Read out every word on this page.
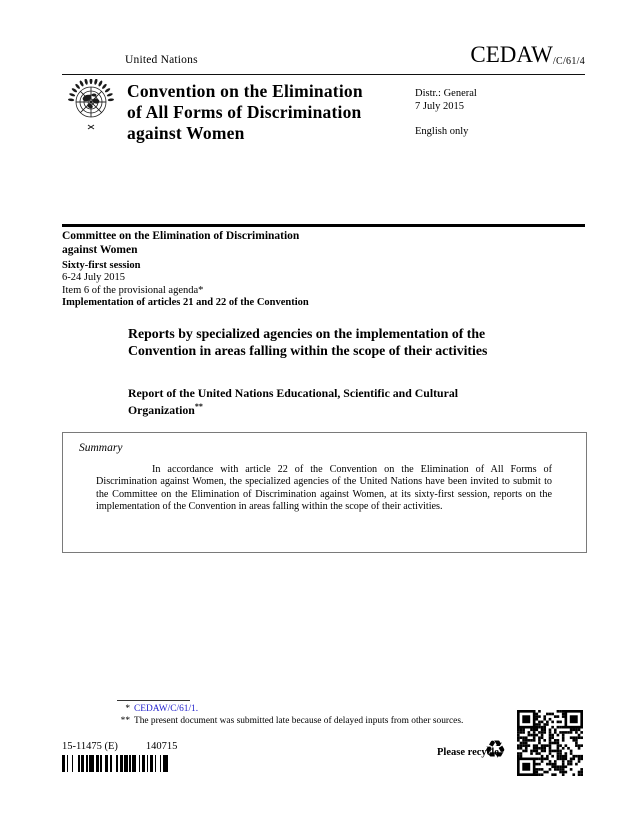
United Nations	CEDAW/C/61/4
Convention on the Elimination
of All Forms of Discrimination
against Women
Distr.: General
7 July 2015
English only
Committee on the Elimination of Discrimination
against Women
Sixty-first session
6-24 July 2015
Item 6 of the provisional agenda*
Implementation of articles 21 and 22 of the Convention
Reports by specialized agencies on the implementation of the Convention in areas falling within the scope of their activities
Report of the United Nations Educational, Scientific and Cultural Organization**
Summary
In accordance with article 22 of the Convention on the Elimination of All Forms of Discrimination against Women, the specialized agencies of the United Nations have been invited to submit to the Committee on the Elimination of Discrimination against Women, at its sixty-first session, reports on the implementation of the Convention in areas falling within the scope of their activities.
* CEDAW/C/61/1.
** The present document was submitted late because of delayed inputs from other sources.
15-11475 (E)	140715
Please recycle
♻
